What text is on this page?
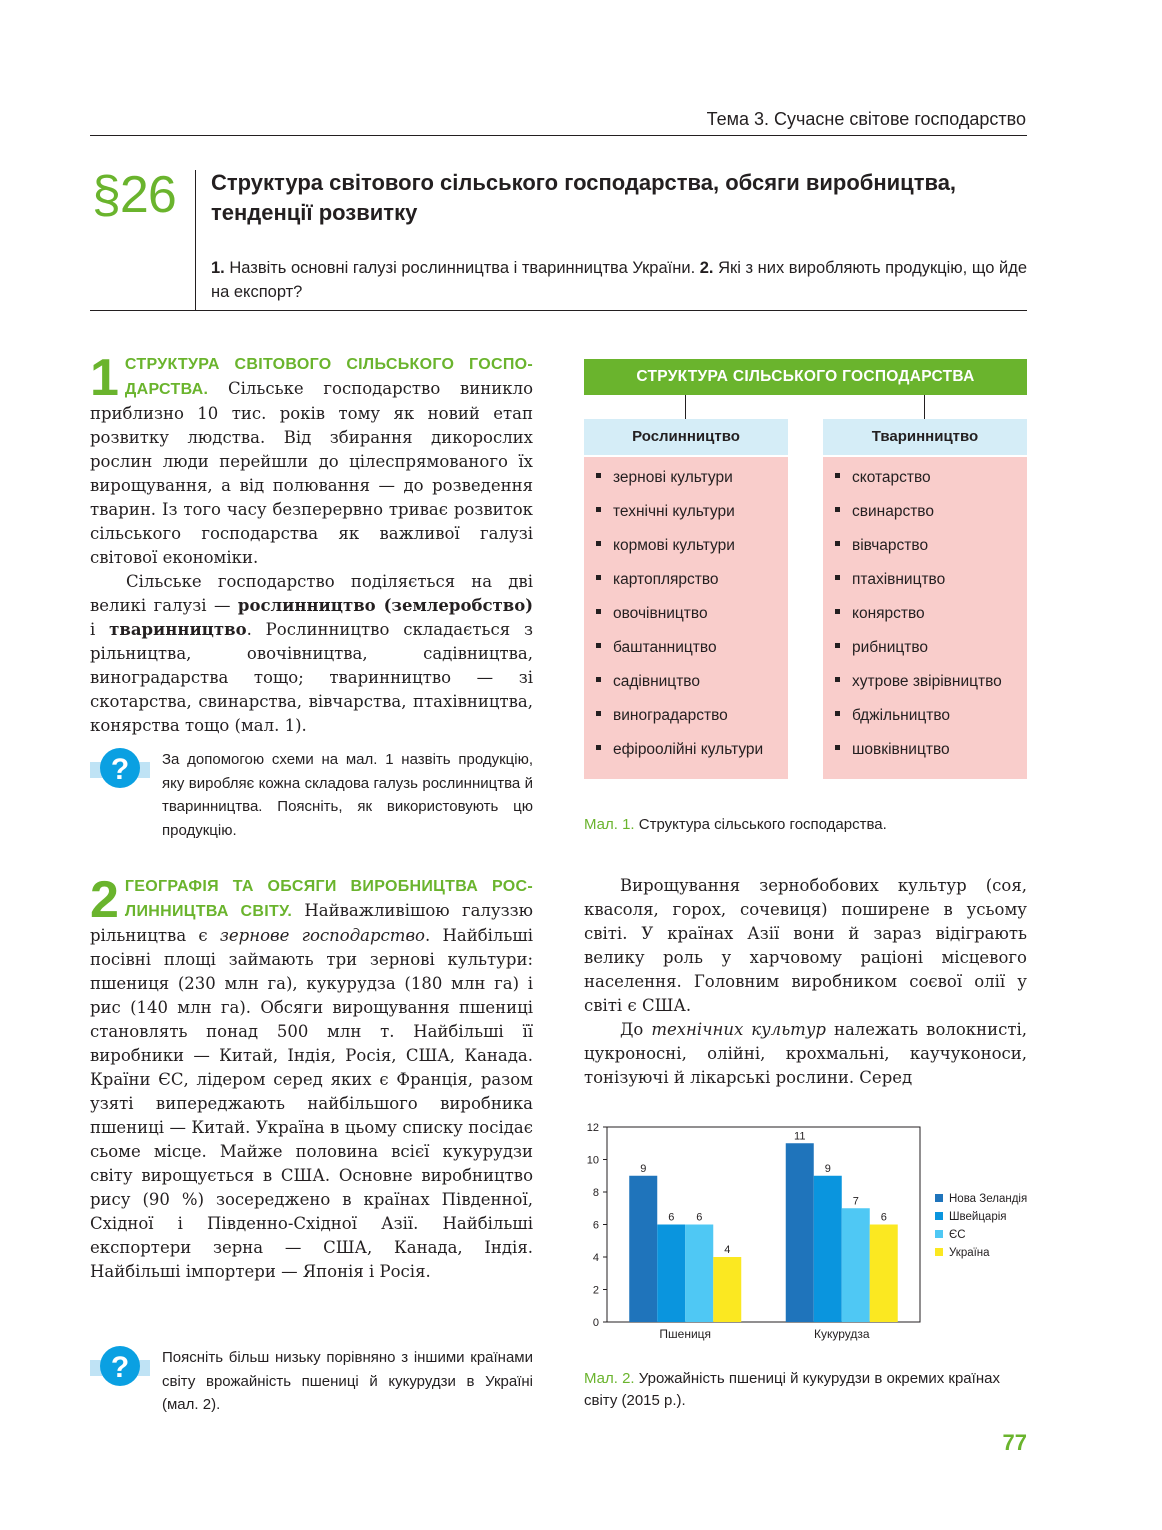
Тема 3. Сучасне світове господарство
§26 Структура світового сільського господарства, обсяги виробництва,
тенденції розвитку
1. Назвіть основні галузі рослинництва і тваринництва України. 2. Які з них виробляють продукцію, що йде на експорт?

1 СТРУКТУРА СВІТОВОГО СІЛЬСЬКОГО ГОСПО-ДАРСТВА. Сільське господарство виникло приблизно 10 тис. років тому як новий етап розвитку людства. Від збирання дикорослих рослин люди перейшли до цілеспрямованого їх вирощування, а від полювання — до розведення тварин. Із того часу безперервно триває розвиток сільського господарства як важливої галузі світової економіки.

Сільське господарство поділяється на дві великі галузі — рослинництво (землеробство) і тваринництво. Рослинництво складається з рільництва, овочівництва, садівництва, виноградарства тощо; тваринництво — зі скотарства, свинарства, вівчарства, птахівництва, конярства тощо (мал. 1).

? За допомогою схеми на мал. 1 назвіть продукцію, яку виробляє кожна складова галузь рослинництва й тваринництва. Поясніть, як використовують цю продукцію.
СТРУКТУРА СІЛЬСЬКОГО ГОСПОДАРСТВА
Рослинництво	Тваринництво
зернові культури
технічні культури
кормові культури
картоплярство
овочівництво
баштанництво
садівництво
виноградарство
ефіроолійні культури
скотарство
свинарство
вівчарство
птахівництво
конярство
рибництво
хутрове звірівництво
бджільництво
шовківництво
Мал. 1. Структура сільського господарства.

2 ГЕОГРАФІЯ ТА ОБСЯГИ ВИРОБНИЦТВА РОС-ЛИННИЦТВА СВІТУ. Найважливішою галуззю рільництва є зернове господарство. Найбільші посівні площі займають три зернові культури: пшениця (230 млн га), кукурудза (180 млн га) і рис (140 млн га). Обсяги вирощування пшениці становлять понад 500 млн т. Найбільші її виробники — Китай, Індія, Росія, США, Канада. Країни ЄС, лідером серед яких є Франція, разом узяті випереджають найбільшого виробника пшениці — Китай. Україна в цьому списку посідає сьоме місце. Майже половина всієї кукурудзи світу вирощується в США. Основне виробництво рису (90 %) зосереджено в країнах Південної, Східної і Південно-Східної Азії. Найбільші експортери зерна — США, Канада, Індія. Найбільші імпортери — Японія і Росія.

? Поясніть більш низьку порівняно з іншими країнами світу врожайність пшениці й кукурудзи в Україні (мал. 2).

Вирощування зернобобових культур (соя, квасоля, горох, сочевиця) поширене в усьому світі. У країнах Азії вони й зараз відіграють велику роль у харчовому раціоні місцевого населення. Головним виробником соєвої олії у світі є США.

До технічних культур належать волокнисті, цукроносні, олійні, крохмальні, каучуконоси, тонізуючі й лікарські рослини. Серед

0
2
4
6
8
10
12
9
6 6
4
Пшениця
11
9
7
6
Кукурудза
Нова Зеландія
Швейцарія
ЄС
Україна
Мал. 2. Урожайність пшениці й кукурудзи в окремих країнах світу (2015 р.).
77
